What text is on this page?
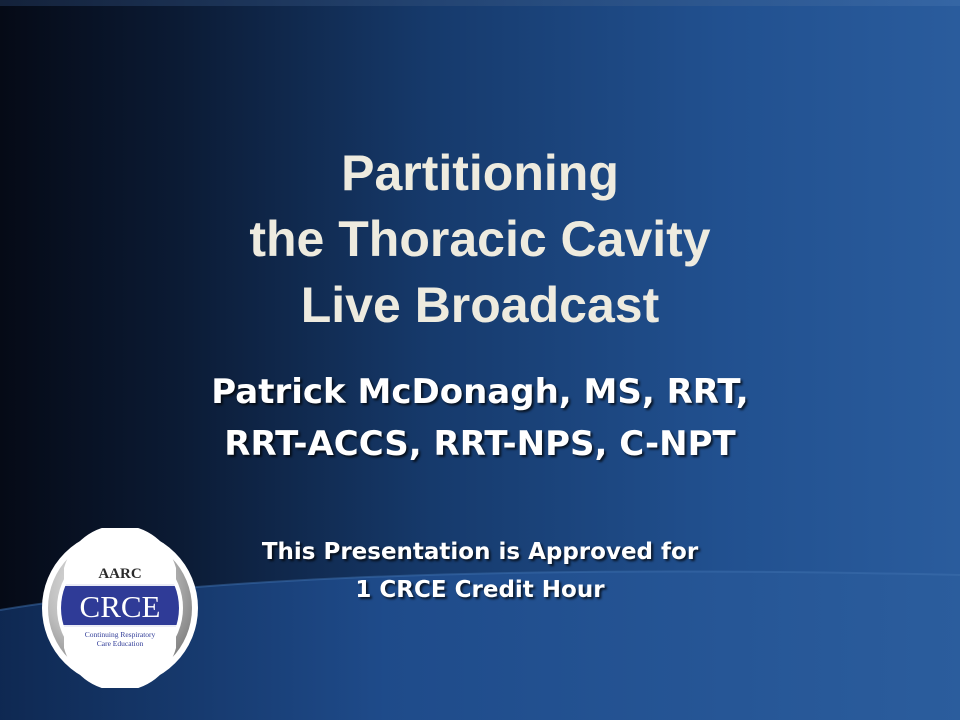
Partitioning
the Thoracic Cavity
Live Broadcast
Patrick McDonagh, MS, RRT,
RRT-ACCS, RRT-NPS, C-NPT
This Presentation is Approved for
1 CRCE Credit Hour
AARC
CRCE
Continuing Respiratory
Care Education
